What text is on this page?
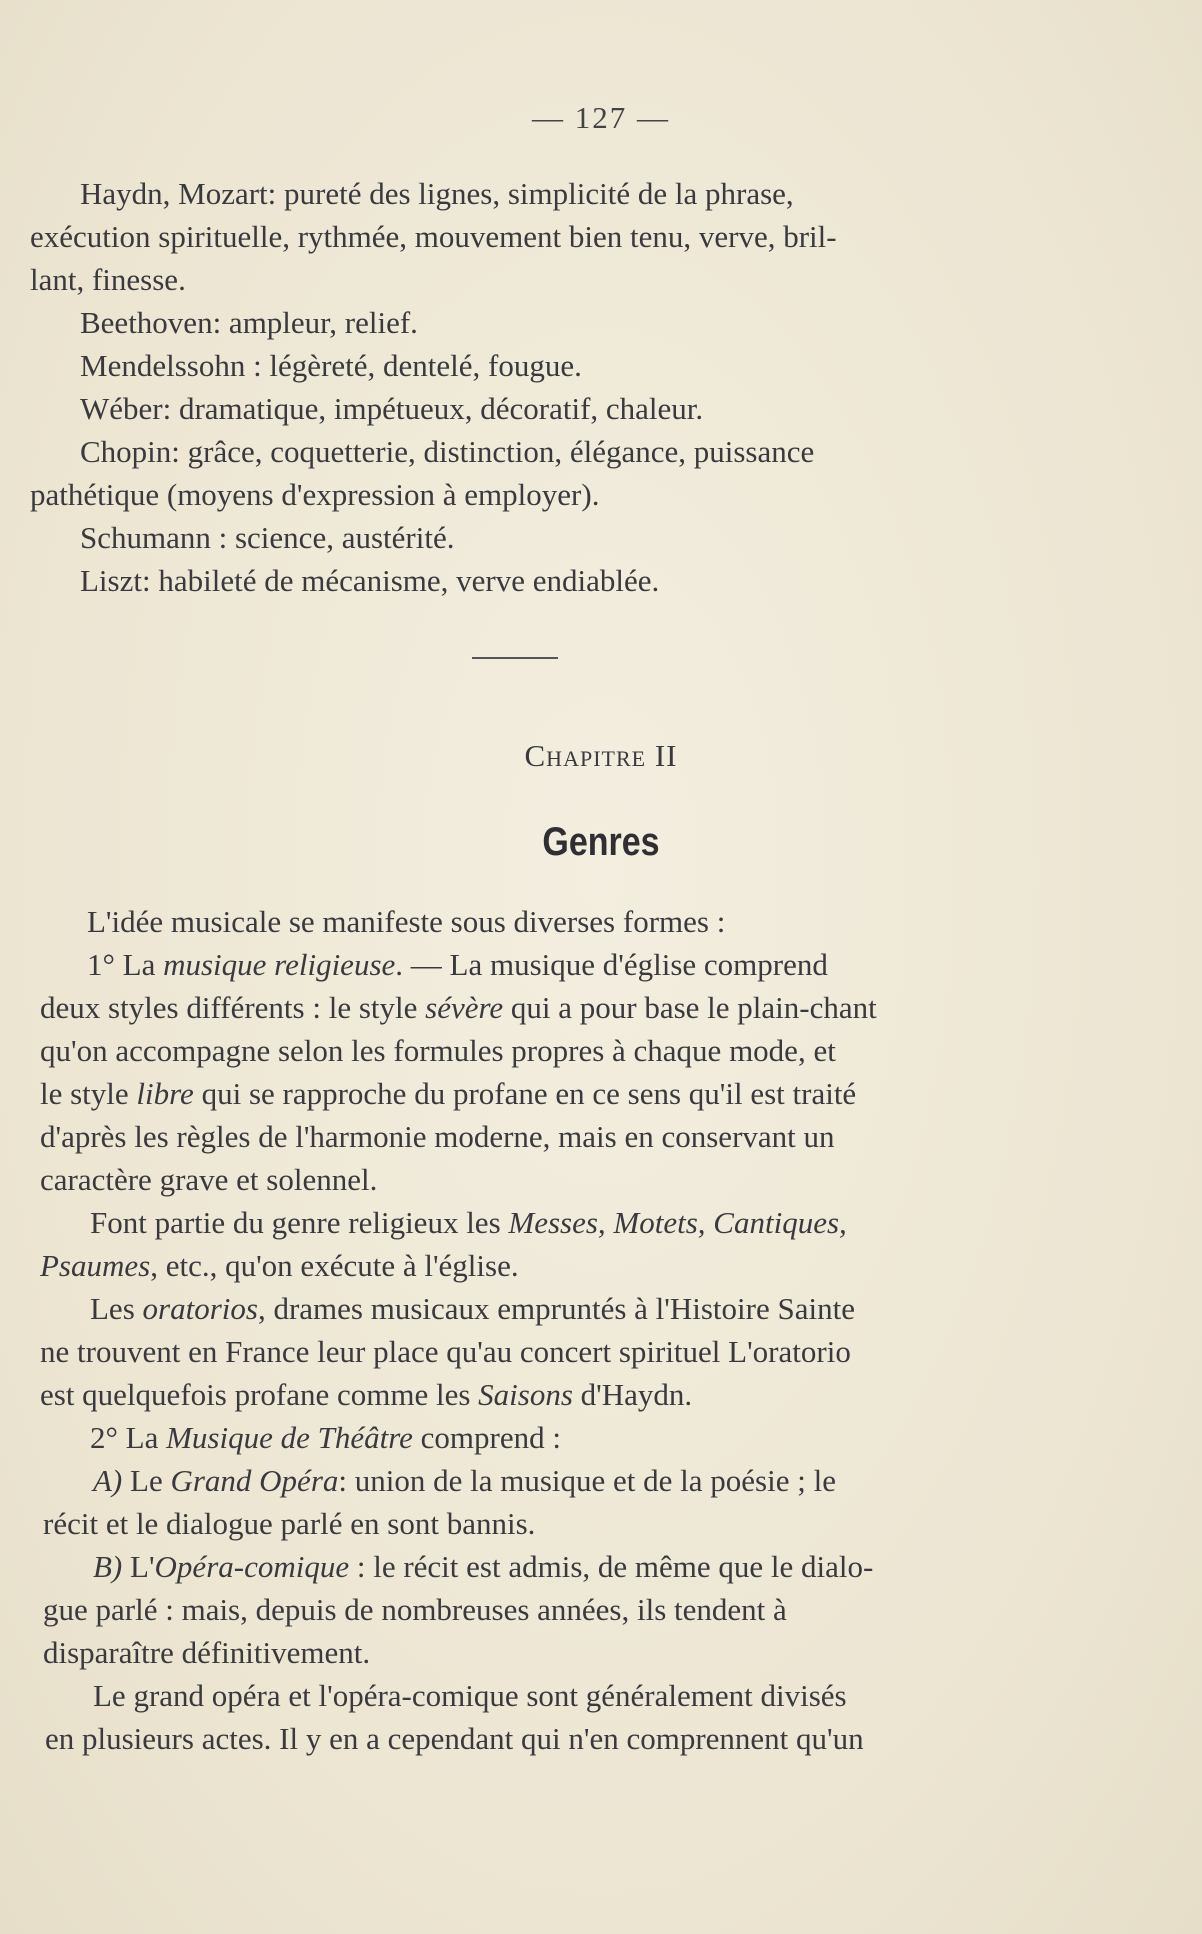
— 127 —
Haydn, Mozart: pureté des lignes, simplicité de la phrase,
exécution spirituelle, rythmée, mouvement bien tenu, verve, bril-
lant, finesse.
Beethoven: ampleur, relief.
Mendelssohn : légèreté, dentelé, fougue.
Wéber: dramatique, impétueux, décoratif, chaleur.
Chopin: grâce, coquetterie, distinction, élégance, puissance
pathétique (moyens d'expression à employer).
Schumann : science, austérité.
Liszt: habileté de mécanisme, verve endiablée.
Chapitre II
Genres
L'idée musicale se manifeste sous diverses formes :
1° La musique religieuse. — La musique d'église comprend
deux styles différents : le style sévère qui a pour base le plain-chant
qu'on accompagne selon les formules propres à chaque mode, et
le style libre qui se rapproche du profane en ce sens qu'il est traité
d'après les règles de l'harmonie moderne, mais en conservant un
caractère grave et solennel.
Font partie du genre religieux les Messes, Motets, Cantiques,
Psaumes, etc., qu'on exécute à l'église.
Les oratorios, drames musicaux empruntés à l'Histoire Sainte
ne trouvent en France leur place qu'au concert spirituel L'oratorio
est quelquefois profane comme les Saisons d'Haydn.
2° La Musique de Théâtre comprend :
A) Le Grand Opéra: union de la musique et de la poésie ; le
récit et le dialogue parlé en sont bannis.
B) L'Opéra-comique : le récit est admis, de même que le dialo-
gue parlé : mais, depuis de nombreuses années, ils tendent à
disparaître définitivement.
Le grand opéra et l'opéra-comique sont généralement divisés
en plusieurs actes. Il y en a cependant qui n'en comprennent qu'un
